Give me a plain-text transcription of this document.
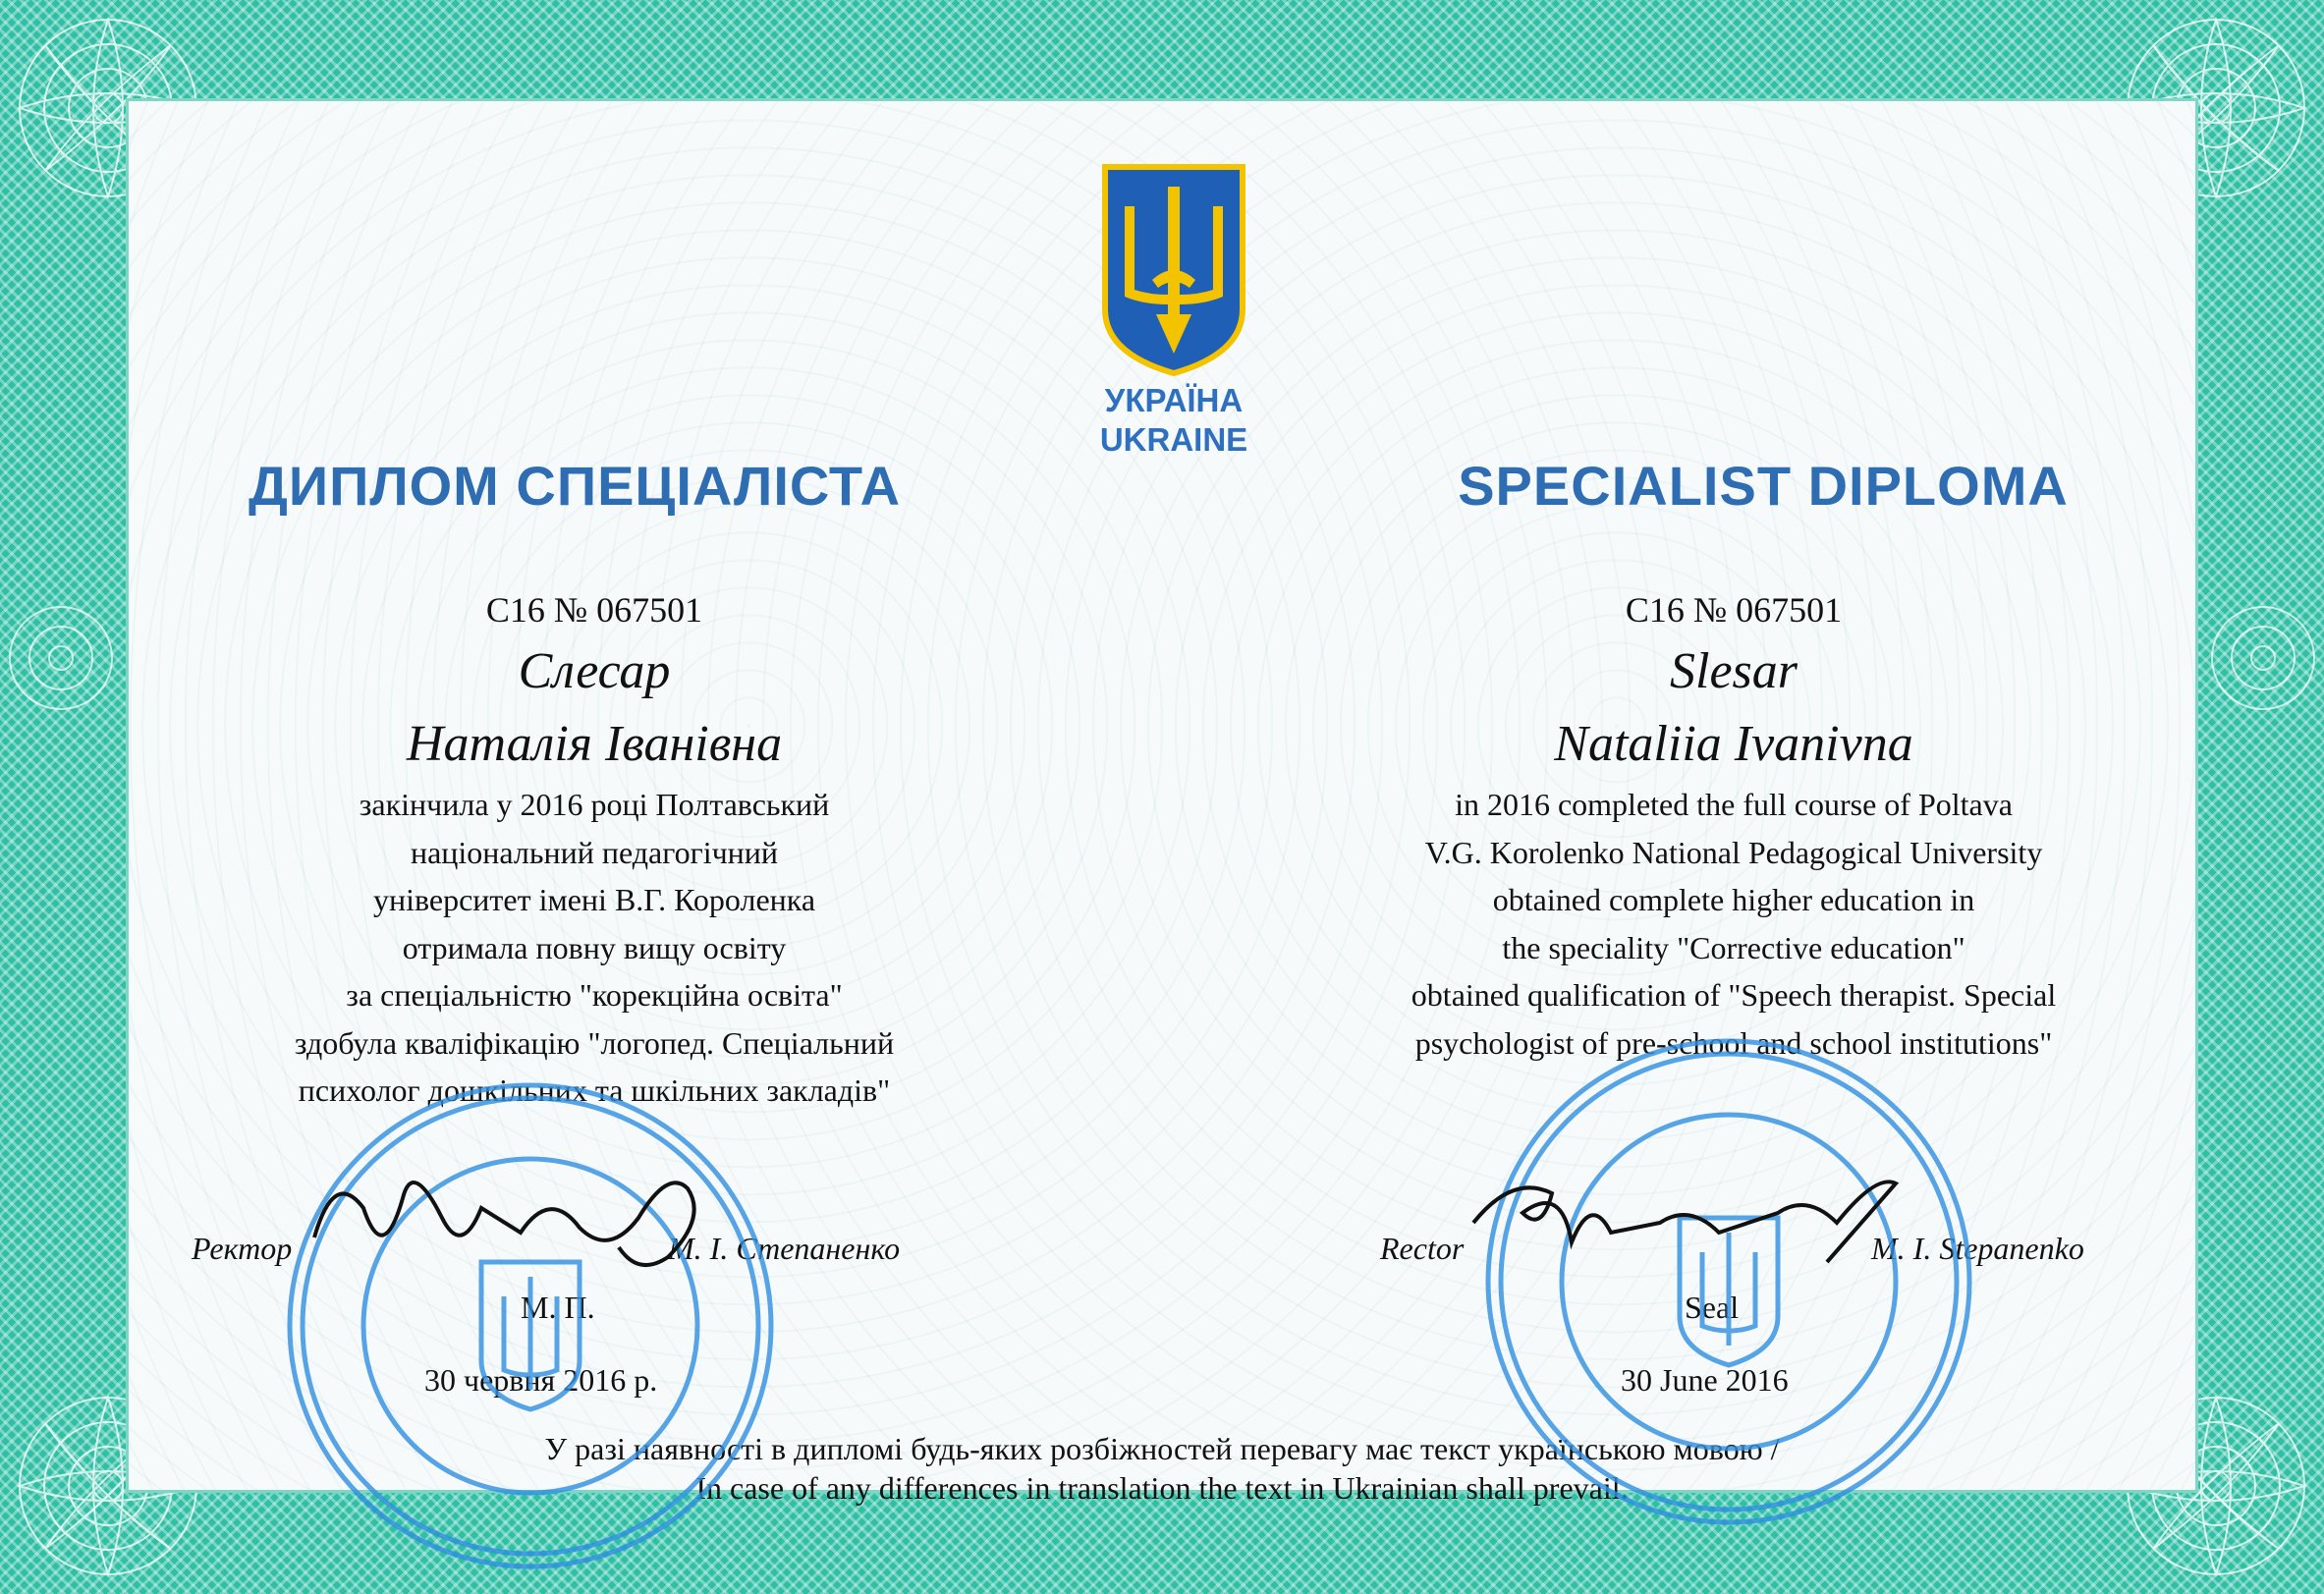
УКРАЇНА
UKRAINE
ДИПЛОМ СПЕЦІАЛІСТА	SPECIALIST DIPLOMA
С16 № 067501
Слесар
Наталія Іванівна
закінчила у 2016 році Полтавський
національний педагогічний
університет імені В.Г. Короленка
отримала повну вищу освіту
за спеціальністю "корекційна освіта"
здобула кваліфікацію "логопед. Спеціальний
психолог дошкільних та шкільних закладів"
C16 № 067501
Slesar
Nataliia Ivanivna
in 2016 completed the full course of Poltava
V.G. Korolenko National Pedagogical University
obtained complete higher education in
the speciality "Corrective education"
obtained qualification of "Speech therapist. Special
psychologist of pre-school and school institutions"
Ректор	М. І. Степаненко	Rector	M. I. Stepanenko
М. П.	Seal
30 червня 2016 р.	30 June 2016
У разі наявності в дипломі будь-яких розбіжностей перевагу має текст українською мовою /
In case of any differences in translation the text in Ukrainian shall prevail.
